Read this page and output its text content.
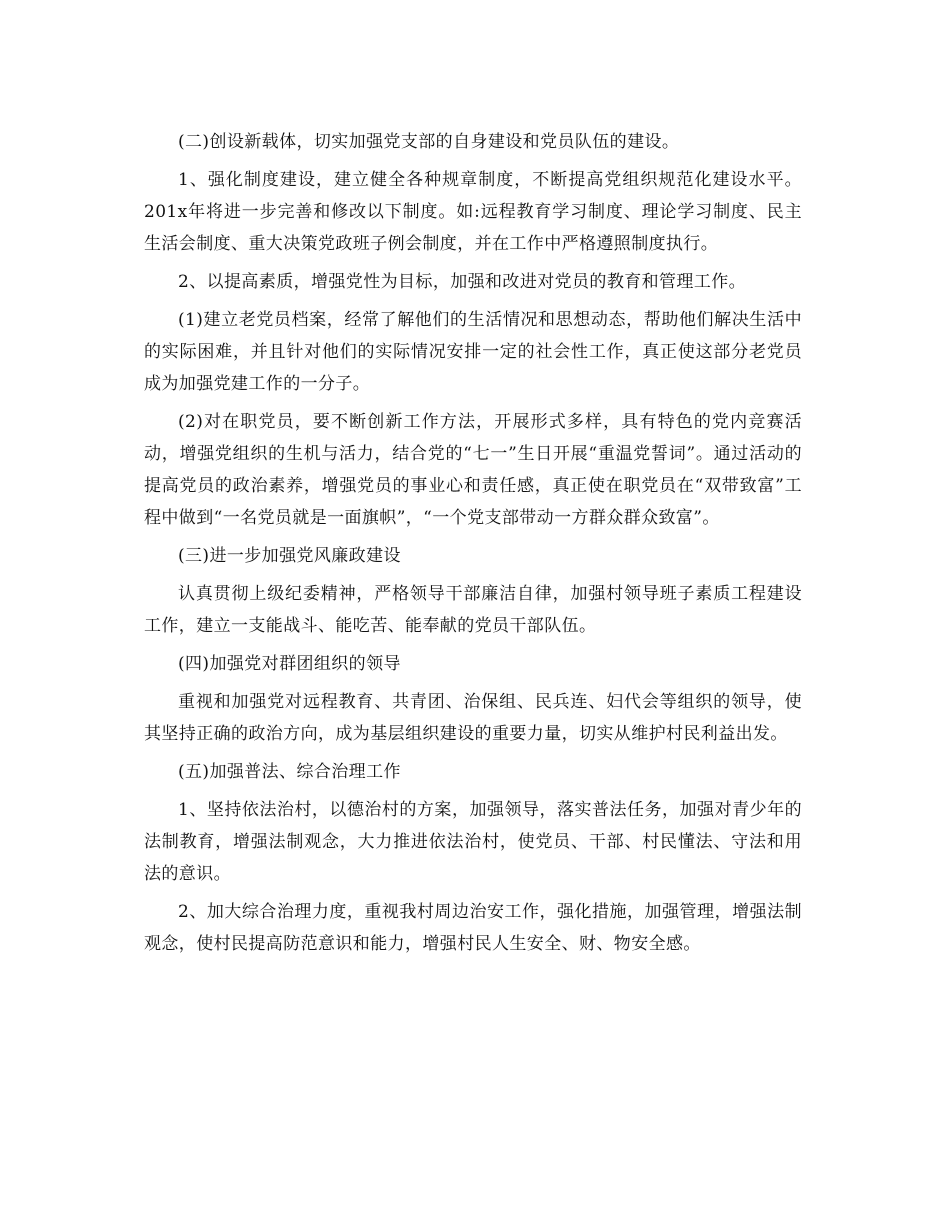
(二)创设新载体，切实加强党支部的自身建设和党员队伍的建设。

1、强化制度建设，建立健全各种规章制度，不断提高党组织规范化建设水平。201x年将进一步完善和修改以下制度。如:远程教育学习制度、理论学习制度、民主生活会制度、重大决策党政班子例会制度，并在工作中严格遵照制度执行。

2、以提高素质，增强党性为目标，加强和改进对党员的教育和管理工作。

(1)建立老党员档案，经常了解他们的生活情况和思想动态，帮助他们解决生活中的实际困难，并且针对他们的实际情况安排一定的社会性工作，真正使这部分老党员成为加强党建工作的一分子。

(2)对在职党员，要不断创新工作方法，开展形式多样，具有特色的党内竞赛活动，增强党组织的生机与活力，结合党的“七一”生日开展“重温党誓词”。通过活动的提高党员的政治素养，增强党员的事业心和责任感，真正使在职党员在“双带致富”工程中做到“一名党员就是一面旗帜”，“一个党支部带动一方群众群众致富”。

(三)进一步加强党风廉政建设

认真贯彻上级纪委精神，严格领导干部廉洁自律，加强村领导班子素质工程建设工作，建立一支能战斗、能吃苦、能奉献的党员干部队伍。

(四)加强党对群团组织的领导

重视和加强党对远程教育、共青团、治保组、民兵连、妇代会等组织的领导，使其坚持正确的政治方向，成为基层组织建设的重要力量，切实从维护村民利益出发。

(五)加强普法、综合治理工作

1、坚持依法治村，以德治村的方案，加强领导，落实普法任务，加强对青少年的法制教育，增强法制观念，大力推进依法治村，使党员、干部、村民懂法、守法和用法的意识。

2、加大综合治理力度，重视我村周边治安工作，强化措施，加强管理，增强法制观念，使村民提高防范意识和能力，增强村民人生安全、财、物安全感。
